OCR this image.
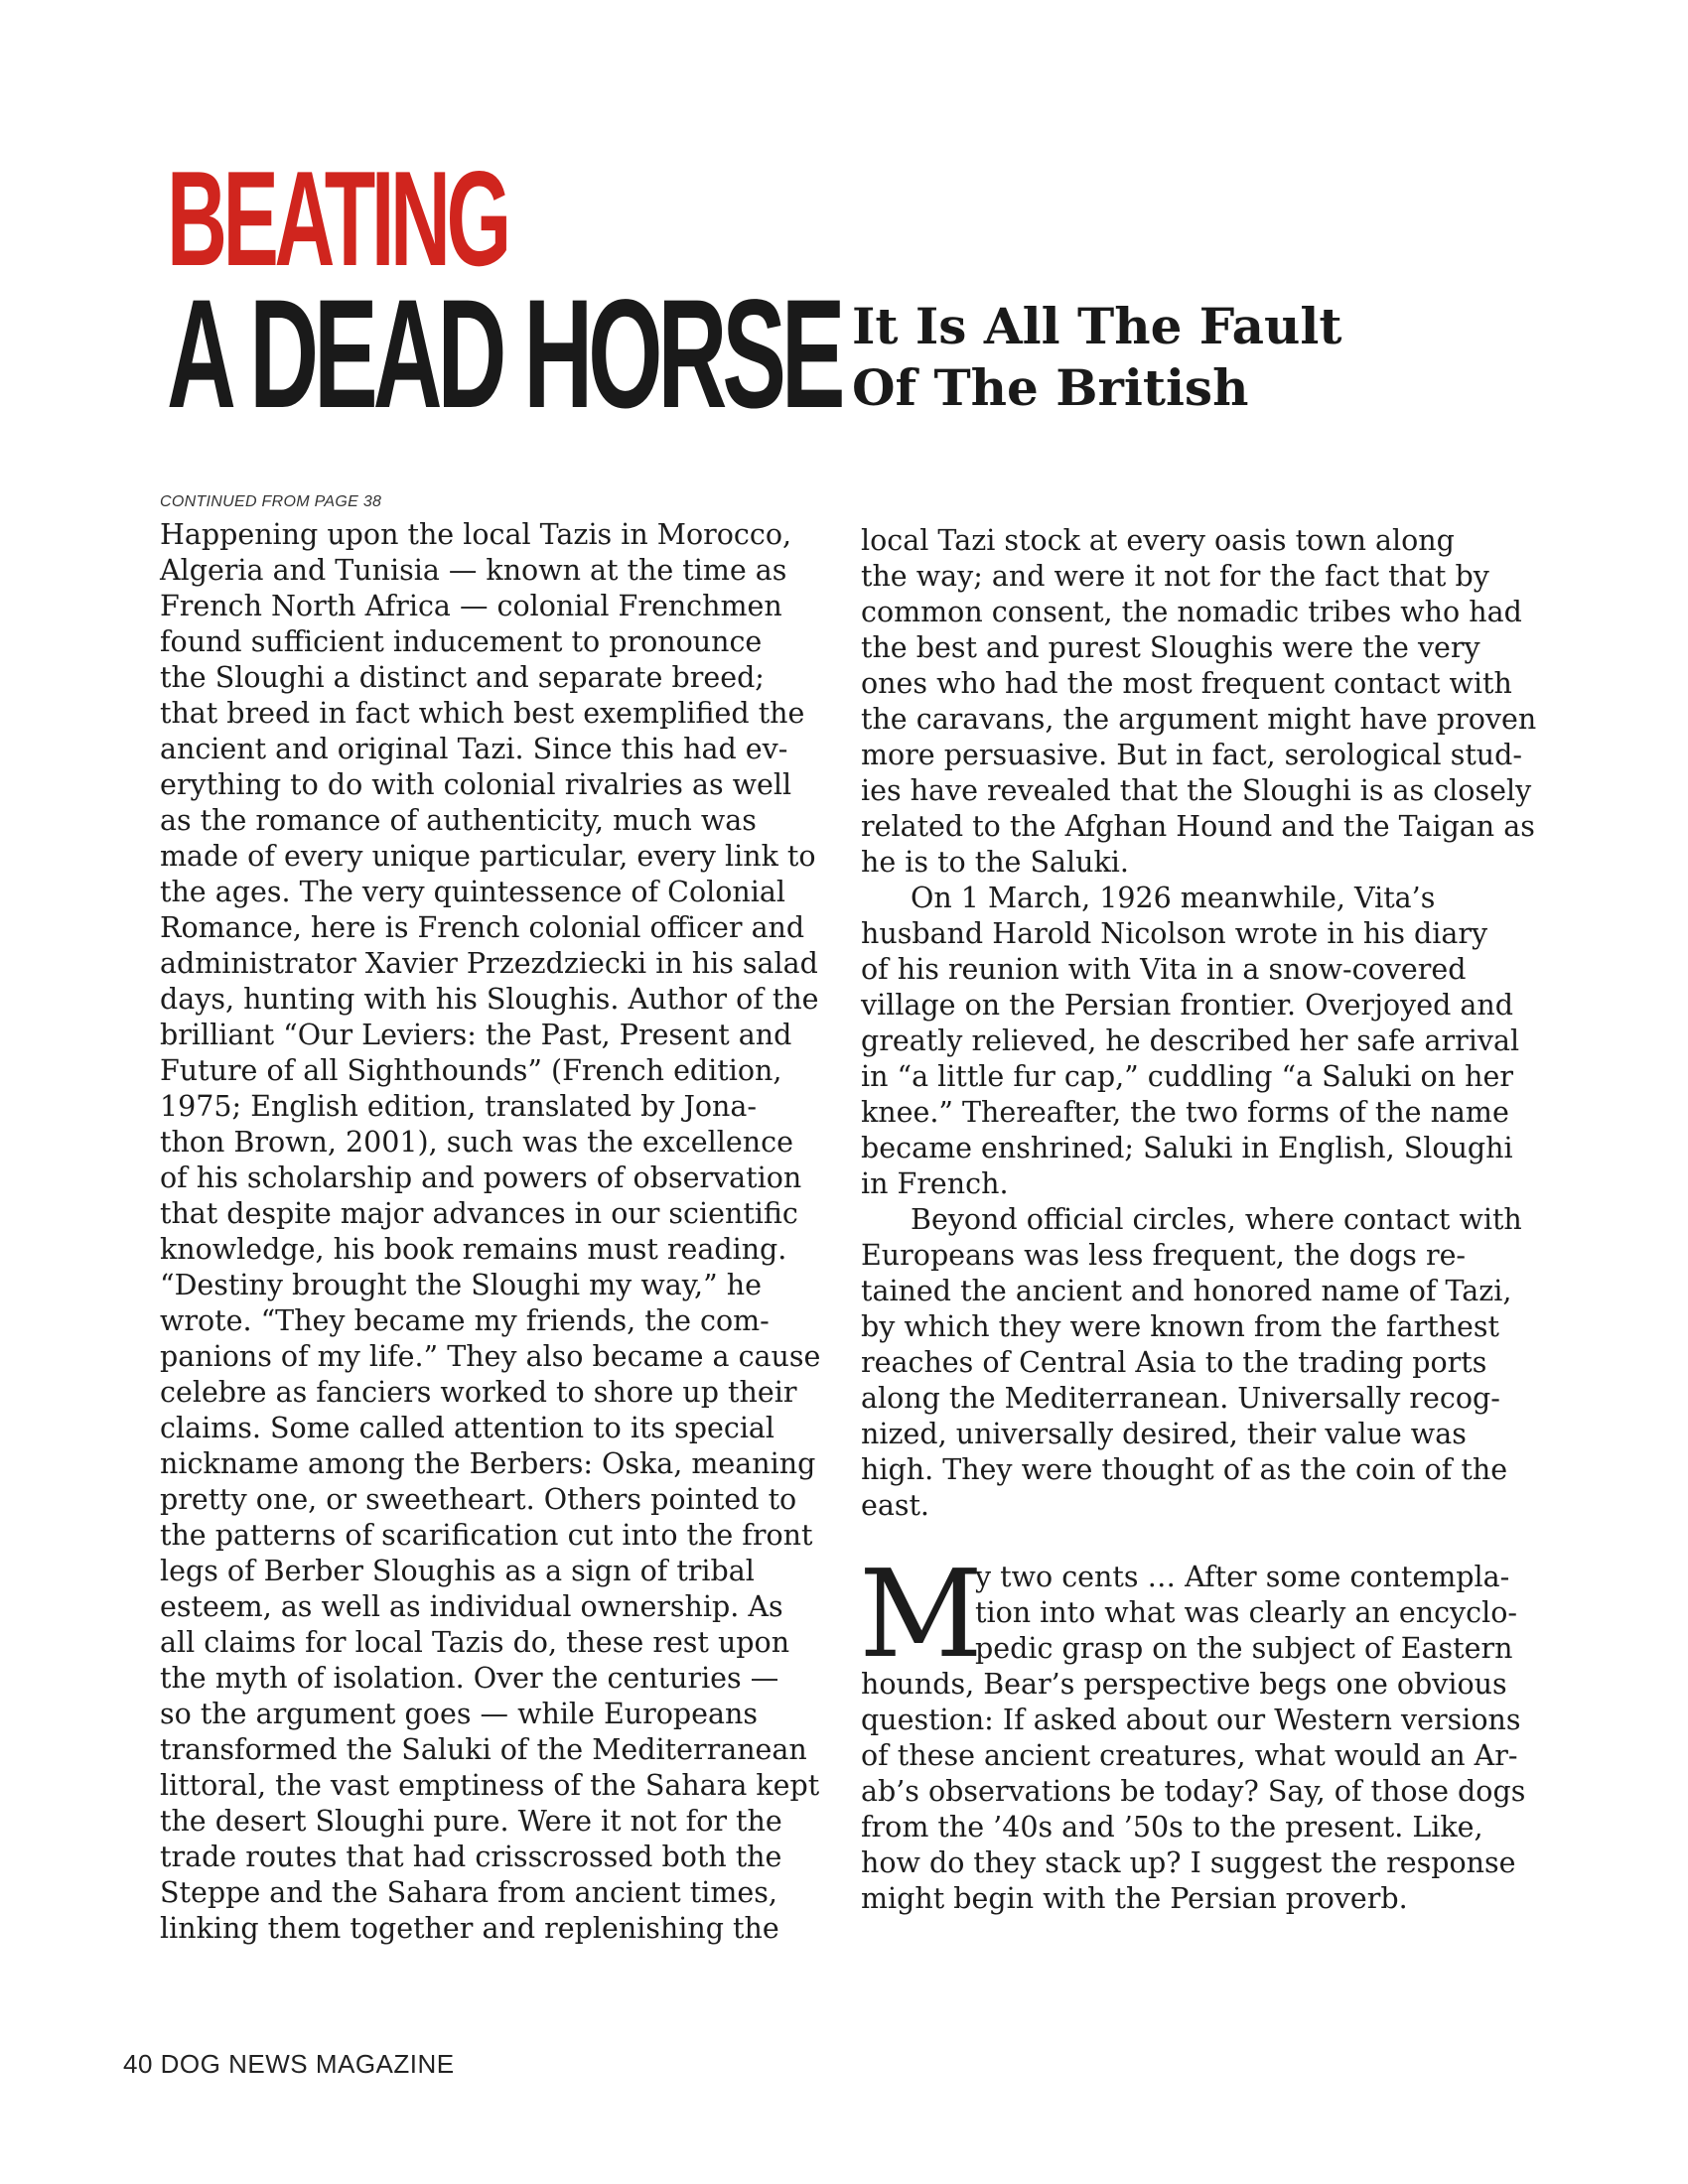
BEATING
A DEAD HORSE It Is All The Fault
Of The British
CONTINUED FROM PAGE 38
Happening upon the local Tazis in Morocco,
Algeria and Tunisia — known at the time as
French North Africa — colonial Frenchmen
found sufficient inducement to pronounce
the Sloughi a distinct and separate breed;
that breed in fact which best exemplified the
ancient and original Tazi. Since this had ev-
erything to do with colonial rivalries as well
as the romance of authenticity, much was
made of every unique particular, every link to
the ages. The very quintessence of Colonial
Romance, here is French colonial officer and
administrator Xavier Przezdziecki in his salad
days, hunting with his Sloughis. Author of the
brilliant “Our Leviers: the Past, Present and
Future of all Sighthounds” (French edition,
1975; English edition, translated by Jona-
thon Brown, 2001), such was the excellence
of his scholarship and powers of observation
that despite major advances in our scientific
knowledge, his book remains must reading.
“Destiny brought the Sloughi my way,” he
wrote. “They became my friends, the com-
panions of my life.” They also became a cause
celebre as fanciers worked to shore up their
claims. Some called attention to its special
nickname among the Berbers: Oska, meaning
pretty one, or sweetheart. Others pointed to
the patterns of scarification cut into the front
legs of Berber Sloughis as a sign of tribal
esteem, as well as individual ownership. As
all claims for local Tazis do, these rest upon
the myth of isolation. Over the centuries —
so the argument goes — while Europeans
transformed the Saluki of the Mediterranean
littoral, the vast emptiness of the Sahara kept
the desert Sloughi pure. Were it not for the
trade routes that had crisscrossed both the
Steppe and the Sahara from ancient times,
linking them together and replenishing the
local Tazi stock at every oasis town along
the way; and were it not for the fact that by
common consent, the nomadic tribes who had
the best and purest Sloughis were the very
ones who had the most frequent contact with
the caravans, the argument might have proven
more persuasive. But in fact, serological stud-
ies have revealed that the Sloughi is as closely
related to the Afghan Hound and the Taigan as
he is to the Saluki.
On 1 March, 1926 meanwhile, Vita’s
husband Harold Nicolson wrote in his diary
of his reunion with Vita in a snow-covered
village on the Persian frontier. Overjoyed and
greatly relieved, he described her safe arrival
in “a little fur cap,” cuddling “a Saluki on her
knee.” Thereafter, the two forms of the name
became enshrined; Saluki in English, Sloughi
in French.
Beyond official circles, where contact with
Europeans was less frequent, the dogs re-
tained the ancient and honored name of Tazi,
by which they were known from the farthest
reaches of Central Asia to the trading ports
along the Mediterranean. Universally recog-
nized, universally desired, their value was
high. They were thought of as the coin of the
east.
M
y two cents … After some contempla-
tion into what was clearly an encyclo-
pedic grasp on the subject of Eastern
hounds, Bear’s perspective begs one obvious
question: If asked about our Western versions
of these ancient creatures, what would an Ar-
ab’s observations be today? Say, of those dogs
from the ’40s and ’50s to the present. Like,
how do they stack up? I suggest the response
might begin with the Persian proverb.
40 DOG NEWS MAGAZINE
